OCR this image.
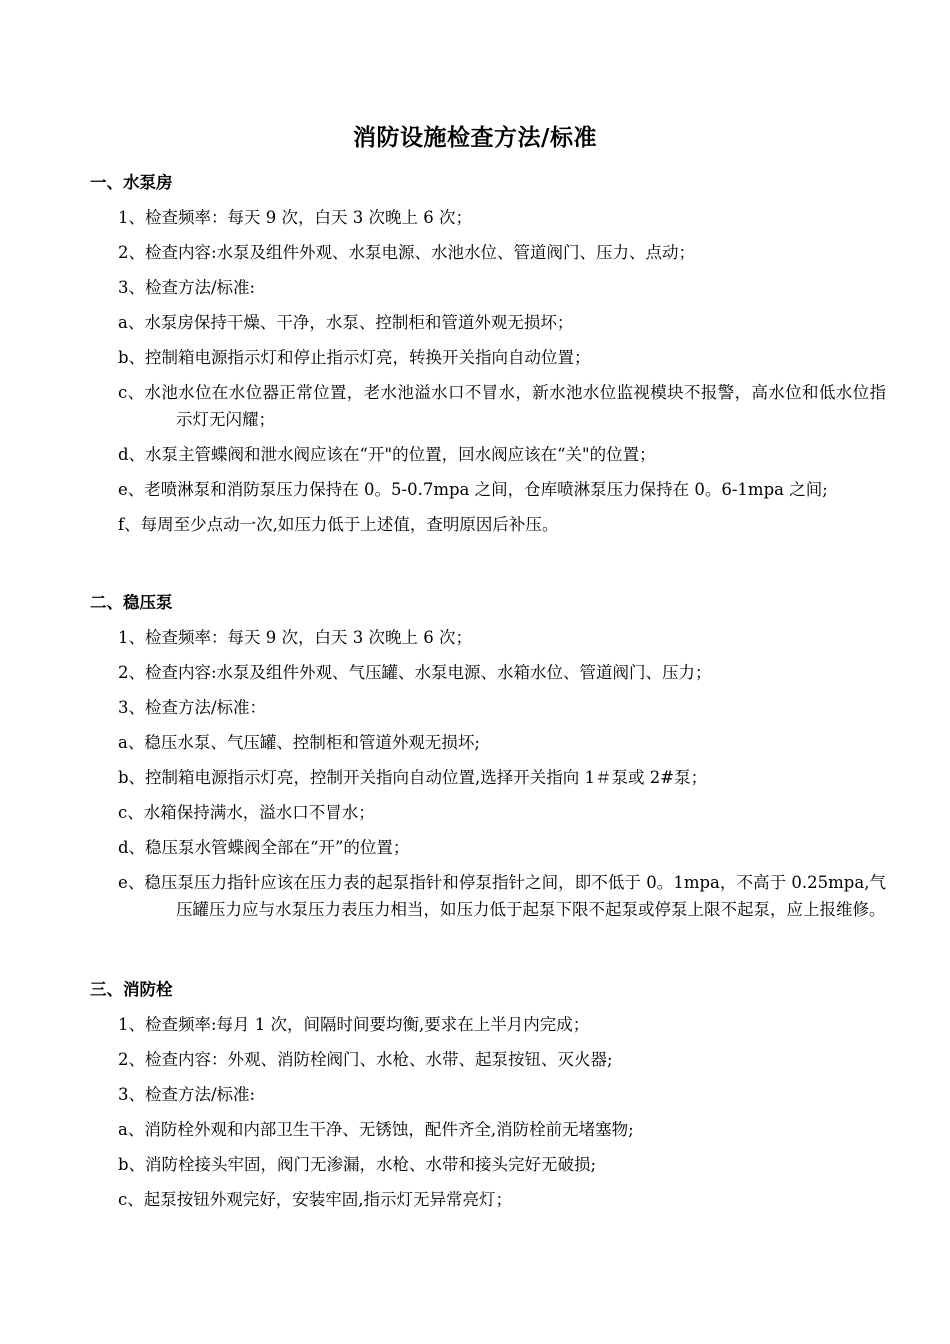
消防设施检查方法/标准
一、水泵房
1、检查频率：每天 9 次，白天 3 次晚上 6 次；
2、检查内容:水泵及组件外观、水泵电源、水池水位、管道阀门、压力、点动；
3、检查方法/标准:
a、水泵房保持干燥、干净，水泵、控制柜和管道外观无损坏；
b、控制箱电源指示灯和停止指示灯亮，转换开关指向自动位置；
c、水池水位在水位器正常位置，老水池溢水口不冒水，新水池水位监视模块不报警，高水位和低水位指示灯无闪耀；
d、水泵主管蝶阀和泄水阀应该在“开"的位置，回水阀应该在“关"的位置；
e、老喷淋泵和消防泵压力保持在 0。5-0.7mpa 之间，仓库喷淋泵压力保持在 0。6-1mpa 之间;
f、每周至少点动一次,如压力低于上述值，查明原因后补压。
二、稳压泵
1、检查频率：每天 9 次，白天 3 次晚上 6 次；
2、检查内容:水泵及组件外观、气压罐、水泵电源、水箱水位、管道阀门、压力；
3、检查方法/标准：
a、稳压水泵、气压罐、控制柜和管道外观无损坏;
b、控制箱电源指示灯亮，控制开关指向自动位置,选择开关指向 1＃泵或 2#泵；
c、水箱保持满水，溢水口不冒水；
d、稳压泵水管蝶阀全部在“开”的位置；
e、稳压泵压力指针应该在压力表的起泵指针和停泵指针之间，即不低于 0。1mpa，不高于 0.25mpa,气压罐压力应与水泵压力表压力相当，如压力低于起泵下限不起泵或停泵上限不起泵，应上报维修。
三、消防栓
1、检查频率:每月 1 次，间隔时间要均衡,要求在上半月内完成；
2、检查内容：外观、消防栓阀门、水枪、水带、起泵按钮、灭火器;
3、检查方法/标准:
a、消防栓外观和内部卫生干净、无锈蚀，配件齐全,消防栓前无堵塞物;
b、消防栓接头牢固，阀门无渗漏，水枪、水带和接头完好无破损;
c、起泵按钮外观完好，安装牢固,指示灯无异常亮灯；
